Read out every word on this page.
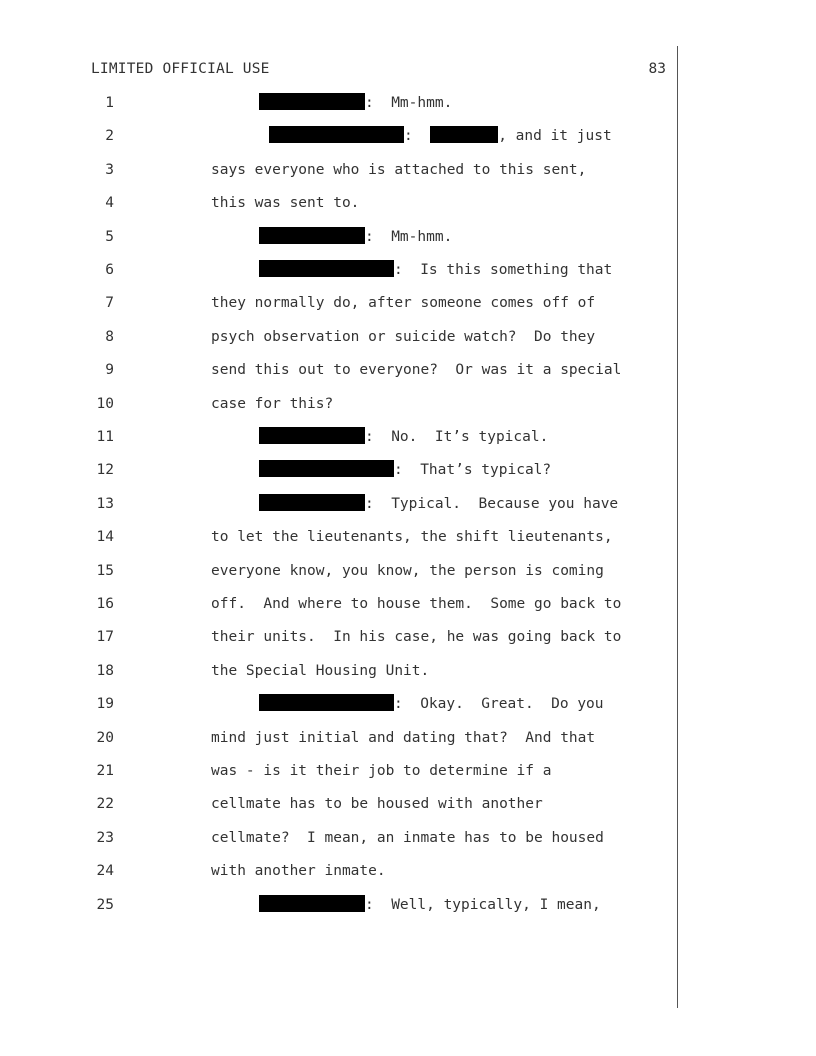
LIMITED OFFICIAL USE	83
1	:  Mm-hmm.
2	:	, and it just
3	says everyone who is attached to this sent,
4	this was sent to.
5	:  Mm-hmm.
6	:  Is this something that
7	they normally do, after someone comes off of
8	psych observation or suicide watch?  Do they
9	send this out to everyone?  Or was it a special
10	case for this?
11	:  No.  It’s typical.
12	:  That’s typical?
13	:  Typical.  Because you have
14	to let the lieutenants, the shift lieutenants,
15	everyone know, you know, the person is coming
16	off.  And where to house them.  Some go back to
17	their units.  In his case, he was going back to
18	the Special Housing Unit.
19	:  Okay.  Great.  Do you
20	mind just initial and dating that?  And that
21	was - is it their job to determine if a
22	cellmate has to be housed with another
23	cellmate?  I mean, an inmate has to be housed
24	with another inmate.
25	:  Well, typically, I mean,
